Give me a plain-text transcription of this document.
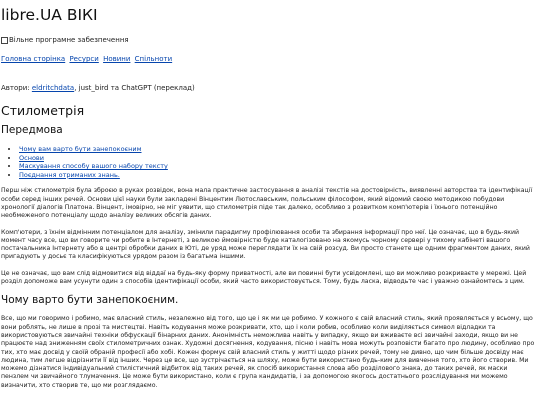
libre.UA ВІКІ
Вільне програмне забезпечення
Головна сторінка Ресурси Новини Спільноти
Автори: eldritchdata, just_bird та ChatGPT (переклад)
Стилометрія
Передмова
• Чому вам варто бути занепокоєним
• Основи
• Маскування способу вашого набору тексту
• Поєднання отриманих знань.

Перш ніж стилометрія була зброєю в руках розвідок, вона мала практичне застосування в аналізі текстів на достовірність, виявленні авторства та ідентифікації особи серед інших речей. Основи цієї науки були закладені Вінцентим Лютославським, польським філософом, який відомий своєю методикою побудови хронології діалогів Платона. Вінцент, імовірно, не міг уявити, що стилометрія піде так далеко, особливо з розвитком комп'ютерів і їхнього потенційно необмеженого потенціалу щодо аналізу великих обсягів даних.

Комп'ютери, з їхнім відмінним потенціалом для аналізу, змінили парадигму профілювання особи та збирання інформації про неї. Це означає, що в будь-який момент часу все, що ви говорите чи робите в Інтернеті, з великою ймовірністю буде каталогізовано на якомусь чорному сервері у тихому кабінеті вашого постачальника Інтернету або в центрі обробки даних в Юті, де уряд може переглядати їх на свій розсуд. Ви просто станете ще одним фрагментом даних, який пригадують у досьє та класифікуються урядом разом із багатьма іншими.

Це не означає, що вам слід відмовитися від віддаї на будь-яку форму приватності, але ви повинні бути усвідомлені, що ви можливо розкриваєте у мережі. Цей розділ допоможе вам усунути один з способів ідентифікації особи, який часто використовується. Тому, будь ласка, відводьте час і уважно ознайомтесь з цим.

Чому варто бути занепокоєним.

Все, що ми говоримо і робимо, має власний стиль, незалежно від того, що це і як ми це робимо. У кожного є свій власний стиль, який проявляється у всьому, що вони роблять, не лише в прозі та мистецтві. Навіть кодування може розкривати, хто, що і коли робив, особливо коли виділяється символ відладки та використовуються звичайні техніки обфускації бінарних даних. Анонімність неможлива навіть у випадку, якщо ви вживаєте всі звичайні заходи, якщо ви не працюєте над зниженням своїх стилометричних ознак. Художні досягнення, кодування, пісню і навіть мова можуть розповісти багато про людину, особливо про тих, хто має досвід у своїй обраній професії або хобі. Кожен формує свій власний стиль у житті щодо різних речей, тому не дивно, що чим більше досвіду має людина, тим легше відрізнити її від інших. Через це все, що зустрічається на шляху, може бути використано будь-ким для вивчення того, хто його створив. Ми можемо дізнатися індивідуальний стилістичний відбиток від таких речей, як спосіб використання слова або розділового знака, до таких речей, як маски пензлем чи звичайного тлумачення. Це може бути використано, коли є група кандидатів, і за допомогою якогось достатнього розслідування ми можемо визначити, хто створив те, що ми розглядаємо.
